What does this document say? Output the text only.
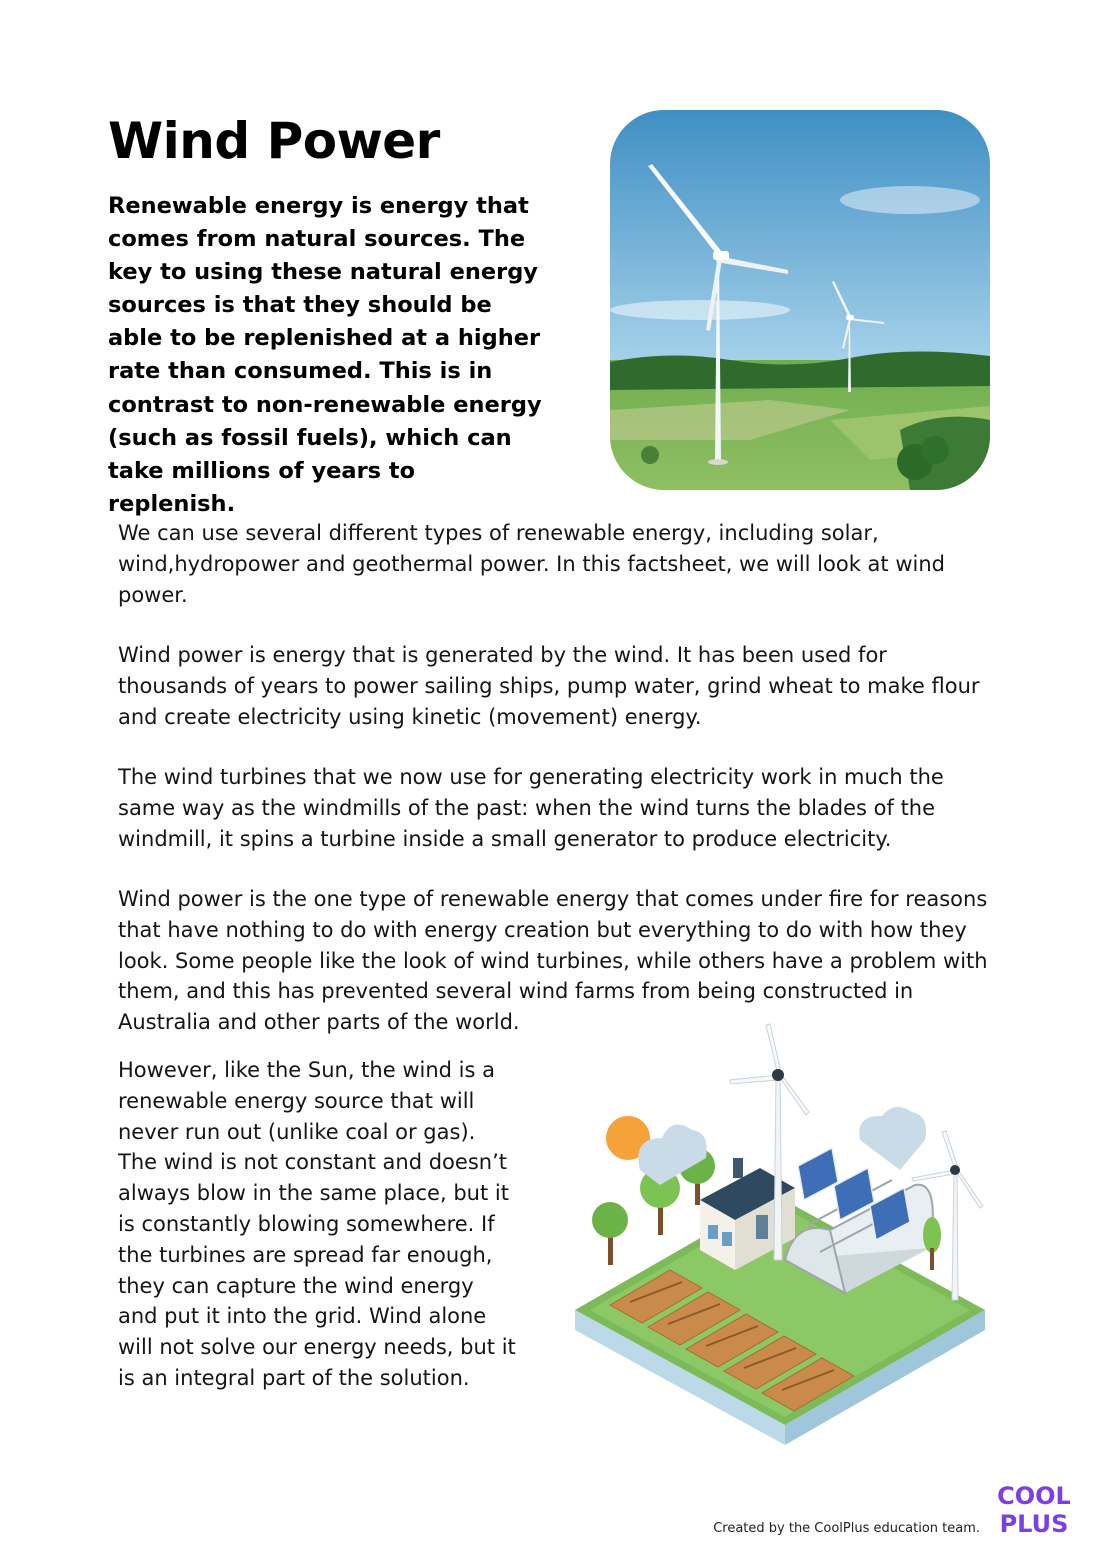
Wind Power

Renewable energy is energy that comes from natural sources. The key to using these natural energy sources is that they should be able to be replenished at a higher rate than consumed. This is in contrast to non-renewable energy (such as fossil fuels), which can take millions of years to replenish.

We can use several different types of renewable energy, including solar, wind,hydropower and geothermal power. In this factsheet, we will look at wind power.

Wind power is energy that is generated by the wind. It has been used for thousands of years to power sailing ships, pump water, grind wheat to make flour and create electricity using kinetic (movement) energy.

The wind turbines that we now use for generating electricity work in much the same way as the windmills of the past: when the wind turns the blades of the windmill, it spins a turbine inside a small generator to produce electricity.

Wind power is the one type of renewable energy that comes under fire for reasons that have nothing to do with energy creation but everything to do with how they look. Some people like the look of wind turbines, while others have a problem with them, and this has prevented several wind farms from being constructed in Australia and other parts of the world.

However, like the Sun, the wind is a renewable energy source that will never run out (unlike coal or gas). The wind is not constant and doesn’t always blow in the same place, but it is constantly blowing somewhere. If the turbines are spread far enough, they can capture the wind energy and put it into the grid. Wind alone will not solve our energy needs, but it is an integral part of the solution.

Created by the CoolPlus education team.

COOL
PLUS
